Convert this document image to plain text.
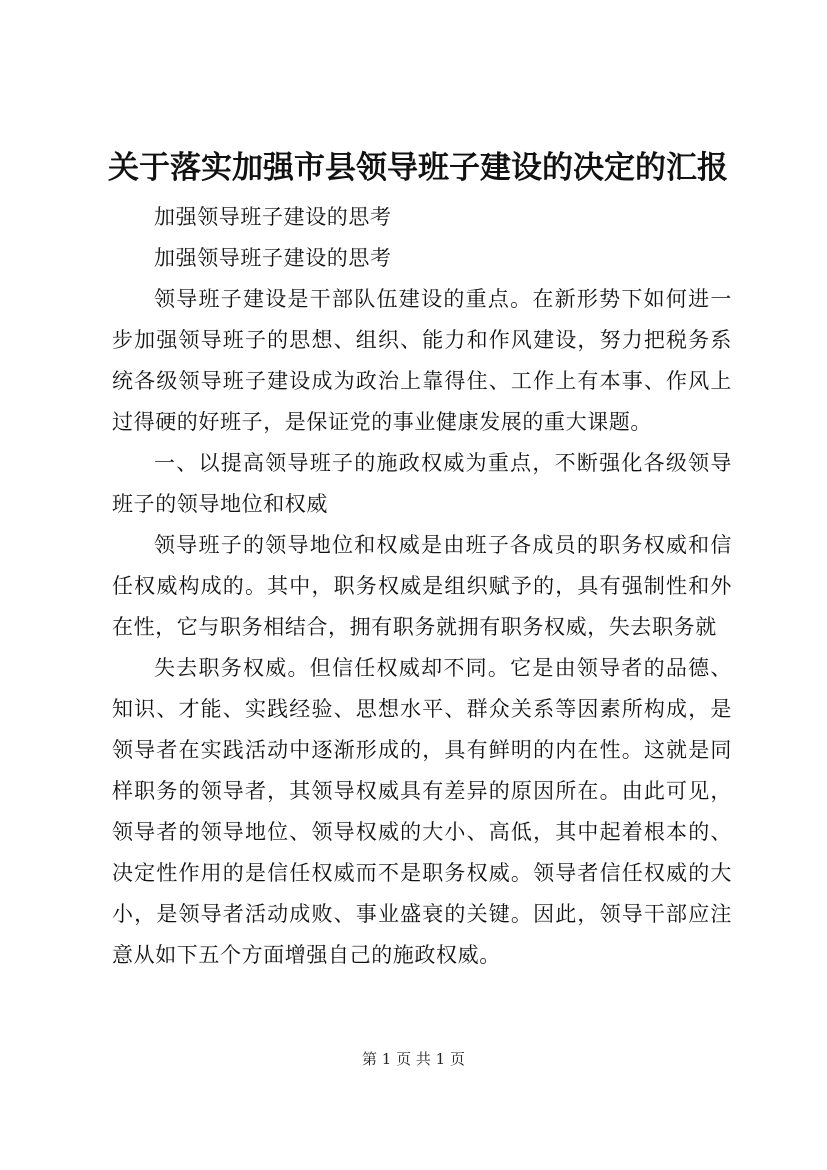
关于落实加强市县领导班子建设的决定的汇报

加强领导班子建设的思考

加强领导班子建设的思考

领导班子建设是干部队伍建设的重点。在新形势下如何进一步加强领导班子的思想、组织、能力和作风建设，努力把税务系统各级领导班子建设成为政治上靠得住、工作上有本事、作风上过得硬的好班子，是保证党的事业健康发展的重大课题。

一、以提高领导班子的施政权威为重点，不断强化各级领导班子的领导地位和权威

领导班子的领导地位和权威是由班子各成员的职务权威和信任权威构成的。其中，职务权威是组织赋予的，具有强制性和外在性，它与职务相结合，拥有职务就拥有职务权威，失去职务就

失去职务权威。但信任权威却不同。它是由领导者的品德、知识、才能、实践经验、思想水平、群众关系等因素所构成，是领导者在实践活动中逐渐形成的，具有鲜明的内在性。这就是同样职务的领导者，其领导权威具有差异的原因所在。由此可见，领导者的领导地位、领导权威的大小、高低，其中起着根本的、决定性作用的是信任权威而不是职务权威。领导者信任权威的大小，是领导者活动成败、事业盛衰的关键。因此，领导干部应注意从如下五个方面增强自己的施政权威。

第 1 页 共 1 页
